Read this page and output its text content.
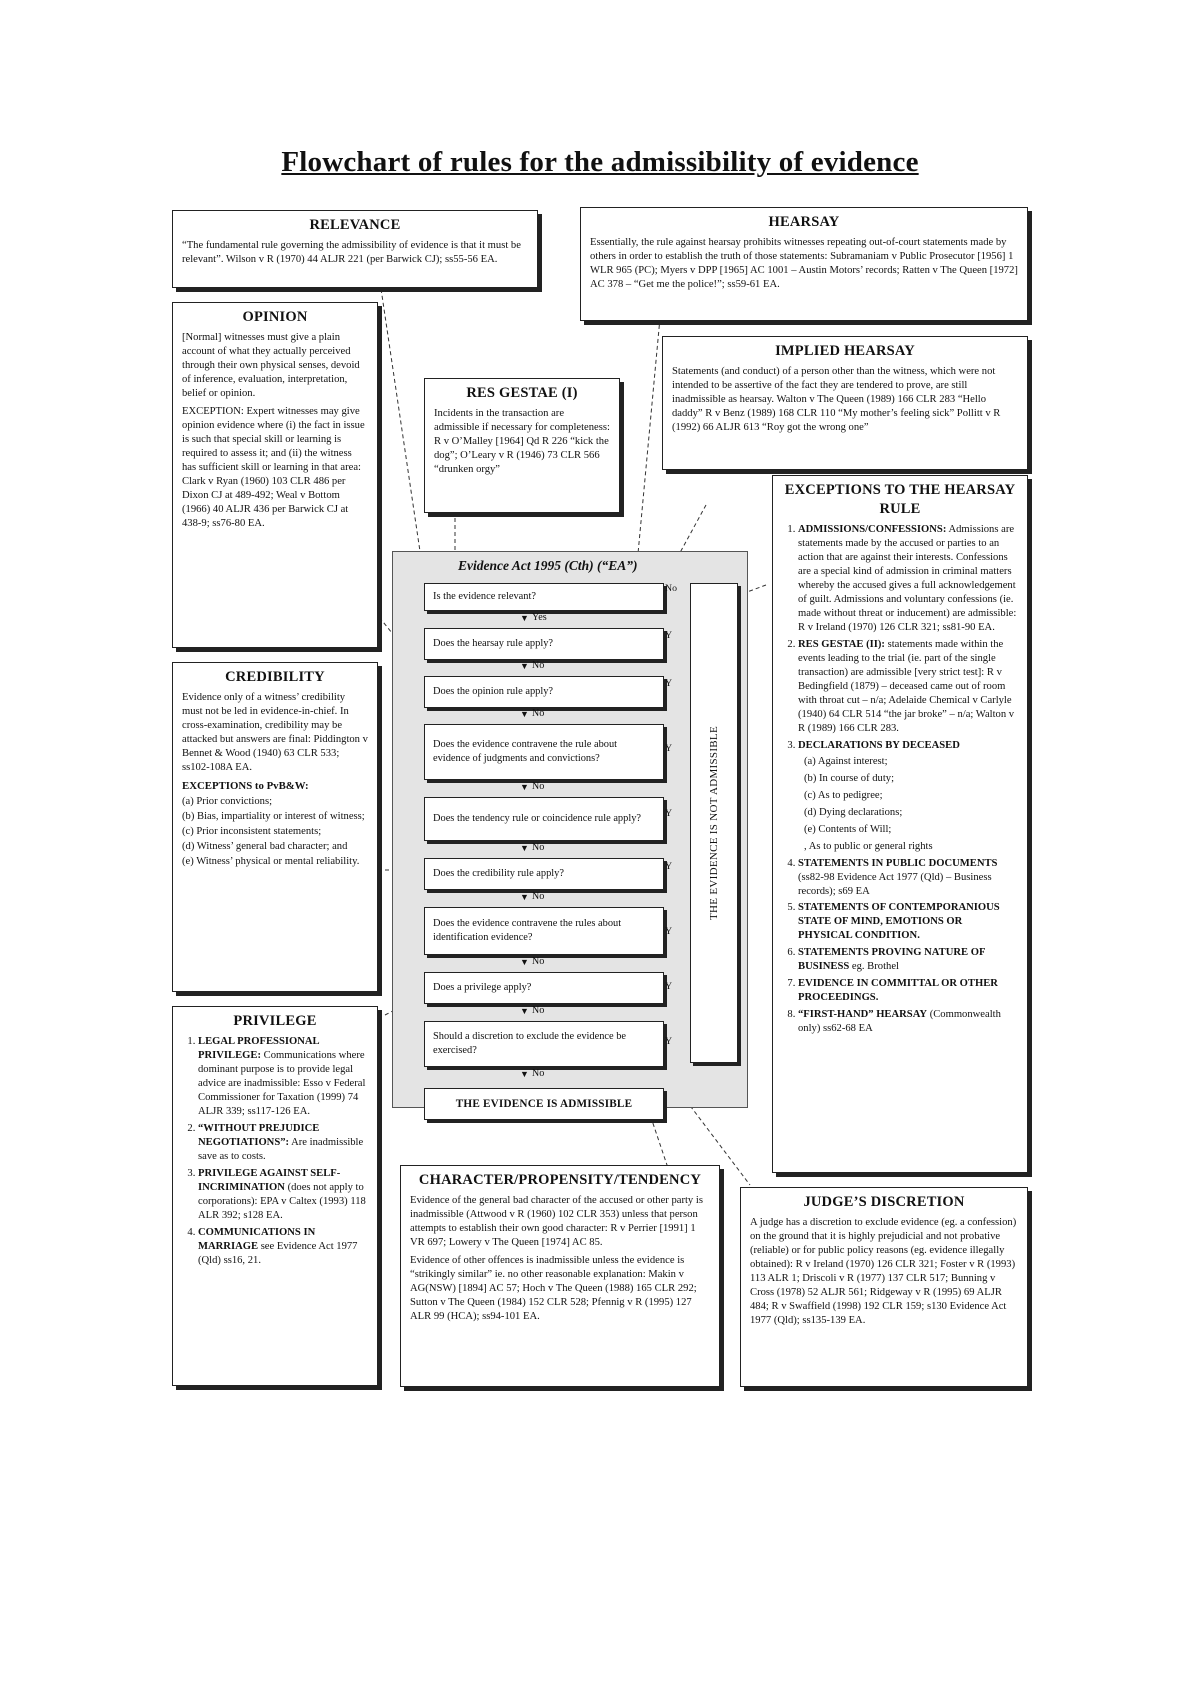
Flowchart of rules for the admissibility of evidence
RELEVANCE

“The fundamental rule governing the admissibility of evidence is that it must be relevant”. Wilson v R (1970) 44 ALJR 221 (per Barwick CJ); ss55-56 EA.

HEARSAY

Essentially, the rule against hearsay prohibits witnesses repeating out-of-court statements made by others in order to establish the truth of those statements: Subramaniam v Public Prosecutor [1956] 1 WLR 965 (PC); Myers v DPP [1965] AC 1001 – Austin Motors’ records; Ratten v The Queen [1972] AC 378 – “Get me the police!”; ss59-61 EA.

OPINION

[Normal] witnesses must give a plain account of what they actually perceived through their own physical senses, devoid of inference, evaluation, interpretation, belief or opinion.

EXCEPTION: Expert witnesses may give opinion evidence where (i) the fact in issue is such that special skill or learning is required to assess it; and (ii) the witness has sufficient skill or learning in that area: Clark v Ryan (1960) 103 CLR 486 per Dixon CJ at 489-492; Weal v Bottom (1966) 40 ALJR 436 per Barwick CJ at 438-9; ss76-80 EA.

RES GESTAE (I)

Incidents in the transaction are admissible if necessary for completeness: R v O’Malley [1964] Qd R 226 “kick the dog”; O’Leary v R (1946) 73 CLR 566 “drunken orgy”

IMPLIED HEARSAY

Statements (and conduct) of a person other than the witness, which were not intended to be assertive of the fact they are tendered to prove, are still inadmissible as hearsay. Walton v The Queen (1989) 166 CLR 283 “Hello daddy” R v Benz (1989) 168 CLR 110 “My mother’s feeling sick” Pollitt v R (1992) 66 ALJR 613 “Roy got the wrong one”

EXCEPTIONS TO THE HEARSAY RULE
1. ADMISSIONS/CONFESSIONS: Admissions are statements made by the accused or parties to an action that are against their interests. Confessions are a special kind of admission in criminal matters whereby the accused gives a full acknowledgement of guilt. Admissions and voluntary confessions (ie. made without threat or inducement) are admissible: R v Ireland (1970) 126 CLR 321; ss81-90 EA.
2. RES GESTAE (II): statements made within the events leading to the trial (ie. part of the single transaction) are admissible [very strict test]: R v Bedingfield (1879) – deceased came out of room with throat cut – n/a; Adelaide Chemical v Carlyle (1940) 64 CLR 514 “the jar broke” – n/a; Walton v R (1989) 166 CLR 283.
3. DECLARATIONS BY DECEASED
(a) Against interest;
(b) In course of duty;
(c) As to pedigree;
(d) Dying declarations;
(e) Contents of Will;
, As to public or general rights
4. STATEMENTS IN PUBLIC DOCUMENTS (ss82-98 Evidence Act 1977 (Qld) – Business records); s69 EA
5. STATEMENTS OF CONTEMPORANIOUS STATE OF MIND, EMOTIONS OR PHYSICAL CONDITION.
6. STATEMENTS PROVING NATURE OF BUSINESS eg. Brothel
7. EVIDENCE IN COMMITTAL OR OTHER PROCEEDINGS.
8. “FIRST-HAND” HEARSAY (Commonwealth only) ss62-68 EA
CREDIBILITY

Evidence only of a witness’ credibility must not be led in evidence-in-chief. In cross-examination, credibility may be attacked but answers are final: Piddington v Bennet & Wood (1940) 63 CLR 533; ss102-108A EA.

EXCEPTIONS to PvB&W:
(a) Prior convictions;
(b) Bias, impartiality or interest of witness;
(c) Prior inconsistent statements;
(d) Witness’ general bad character; and
(e) Witness’ physical or mental reliability.
PRIVILEGE
1. LEGAL PROFESSIONAL PRIVILEGE: Communications where dominant purpose is to provide legal advice are inadmissible: Esso v Federal Commissioner for Taxation (1999) 74 ALJR 339; ss117-126 EA.
2. “WITHOUT PREJUDICE NEGOTIATIONS”: Are inadmissible save as to costs.
3. PRIVILEGE AGAINST SELF-INCRIMINATION (does not apply to corporations): EPA v Caltex (1993) 118 ALR 392; s128 EA.
4. COMMUNICATIONS IN MARRIAGE see Evidence Act 1977 (Qld) ss16, 21.
CHARACTER/PROPENSITY/TENDENCY

Evidence of the general bad character of the accused or other party is inadmissible (Attwood v R (1960) 102 CLR 353) unless that person attempts to establish their own good character: R v Perrier [1991] 1 VR 697; Lowery v The Queen [1974] AC 85.

Evidence of other offences is inadmissible unless the evidence is “strikingly similar” ie. no other reasonable explanation: Makin v AG(NSW) [1894] AC 57; Hoch v The Queen (1988) 165 CLR 292; Sutton v The Queen (1984) 152 CLR 528; Pfennig v R (1995) 127 ALR 99 (HCA); ss94-101 EA.

JUDGE’S DISCRETION

A judge has a discretion to exclude evidence (eg. a confession) on the ground that it is highly prejudicial and not probative (reliable) or for public policy reasons (eg. evidence illegally obtained): R v Ireland (1970) 126 CLR 321; Foster v R (1993) 113 ALR 1; Driscoli v R (1977) 137 CLR 517; Bunning v Cross (1978) 52 ALJR 561; Ridgeway v R (1995) 69 ALJR 484; R v Swaffield (1998) 192 CLR 159; s130 Evidence Act 1977 (Qld); ss135-139 EA.

Evidence Act 1995 (Cth) (“EA”)
Is the evidence relevant?
▼ Yes
Does the hearsay rule apply?
▼ No
Does the opinion rule apply?
▼ No
Does the evidence contravene the rule about evidence of judgments and convictions?
▼ No
Does the tendency rule or coincidence rule apply?
▼ No
Does the credibility rule apply?
▼ No
Does the evidence contravene the rules about identification evidence?
▼ No
Does a privilege apply?
▼ No
Should a discretion to exclude the evidence be exercised?
▼ No
No
Y
Y
Y
Y
Y
Y
Y
Y
THE EVIDENCE IS NOT ADMISSIBLE
THE EVIDENCE IS ADMISSIBLE
